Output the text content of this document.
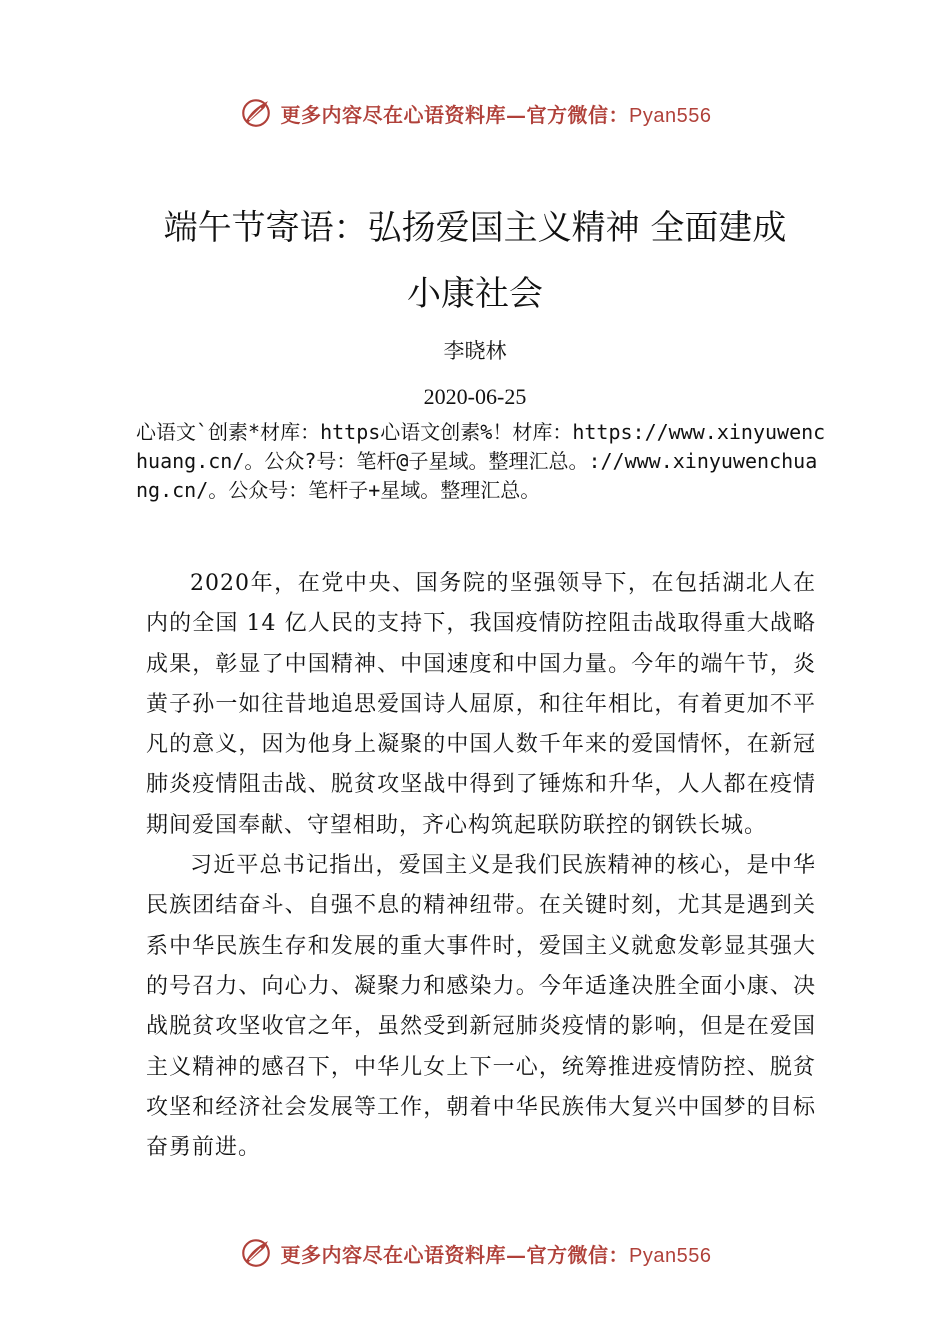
更多内容尽在心语资料库—官方微信：Pyan556
端午节寄语：弘扬爱国主义精神 全面建成
小康社会
李晓林
2020-06-25

心语文`创素*材库：https心语文创素%！材库：https://www.xinyuwenchuang.cn/。公众?号：笔杆@子星域。整理汇总。://www.xinyuwenchuang.cn/。公众号：笔杆子+星域。整理汇总。

2020年，在党中央、国务院的坚强领导下，在包括湖北人在内的全国 14 亿人民的支持下，我国疫情防控阻击战取得重大战略成果，彰显了中国精神、中国速度和中国力量。今年的端午节，炎黄子孙一如往昔地追思爱国诗人屈原，和往年相比，有着更加不平凡的意义，因为他身上凝聚的中国人数千年来的爱国情怀，在新冠肺炎疫情阻击战、脱贫攻坚战中得到了锤炼和升华，人人都在疫情期间爱国奉献、守望相助，齐心构筑起联防联控的钢铁长城。

习近平总书记指出，爱国主义是我们民族精神的核心，是中华民族团结奋斗、自强不息的精神纽带。在关键时刻，尤其是遇到关系中华民族生存和发展的重大事件时，爱国主义就愈发彰显其强大的号召力、向心力、凝聚力和感染力。今年适逢决胜全面小康、决战脱贫攻坚收官之年，虽然受到新冠肺炎疫情的影响，但是在爱国主义精神的感召下，中华儿女上下一心，统筹推进疫情防控、脱贫攻坚和经济社会发展等工作，朝着中华民族伟大复兴中国梦的目标奋勇前进。

更多内容尽在心语资料库—官方微信：Pyan556
